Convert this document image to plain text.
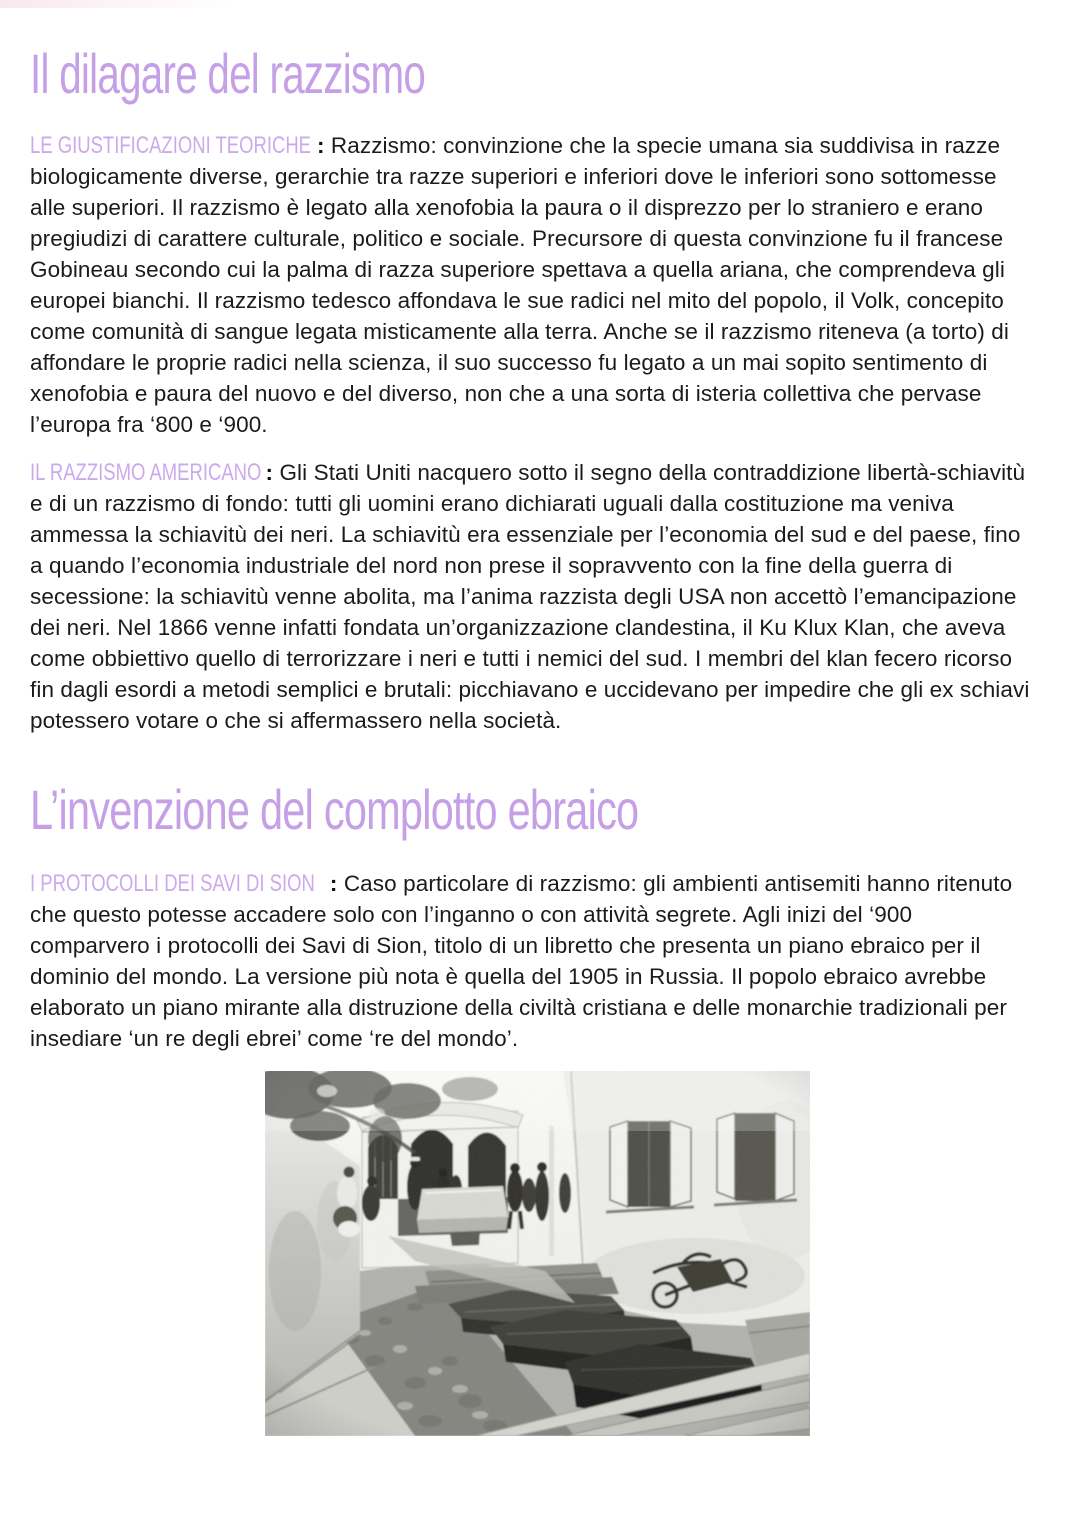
Il dilagare del razzismo

LE GIUSTIFICAZIONI TEORICHE : Razzismo: convinzione che la specie umana sia suddivisa in razze biologicamente diverse, gerarchie tra razze superiori e inferiori dove le inferiori sono sottomesse alle superiori. Il razzismo è legato alla xenofobia la paura o il disprezzo per lo straniero e erano pregiudizi di carattere culturale, politico e sociale. Precursore di questa convinzione fu il francese Gobineau secondo cui la palma di razza superiore spettava a quella ariana, che comprendeva gli europei bianchi. Il razzismo tedesco affondava le sue radici nel mito del popolo, il Volk, concepito come comunità di sangue legata misticamente alla terra. Anche se il razzismo riteneva (a torto) di affondare le proprie radici nella scienza, il suo successo fu legato a un mai sopito sentimento di xenofobia e paura del nuovo e del diverso, non che a una sorta di isteria collettiva che pervase l’europa fra ‘800 e ‘900.

IL RAZZISMO AMERICANO : Gli Stati Uniti nacquero sotto il segno della contraddizione libertà-schiavitù e di un razzismo di fondo: tutti gli uomini erano dichiarati uguali dalla costituzione ma veniva ammessa la schiavitù dei neri. La schiavitù era essenziale per l’economia del sud e del paese, fino a quando l’economia industriale del nord non prese il sopravvento con la fine della guerra di secessione: la schiavitù venne abolita, ma l’anima razzista degli USA non accettò l’emancipazione dei neri. Nel 1866 venne infatti fondata un’organizzazione clandestina, il Ku Klux Klan, che aveva come obbiettivo quello di terrorizzare i neri e tutti i nemici del sud. I membri del klan fecero ricorso fin dagli esordi a metodi semplici e brutali: picchiavano e uccidevano per impedire che gli ex schiavi potessero votare o che si affermassero nella società.

L’invenzione del complotto ebraico

I PROTOCOLLI DEI SAVI DI SION : Caso particolare di razzismo: gli ambienti antisemiti hanno ritenuto che questo potesse accadere solo con l’inganno o con attività segrete. Agli inizi del ‘900 comparvero i protocolli dei Savi di Sion, titolo di un libretto che presenta un piano ebraico per il dominio del mondo. La versione più nota è quella del 1905 in Russia. Il popolo ebraico avrebbe elaborato un piano mirante alla distruzione della civiltà cristiana e delle monarchie tradizionali per insediare ‘un re degli ebrei’ come ‘re del mondo’.
